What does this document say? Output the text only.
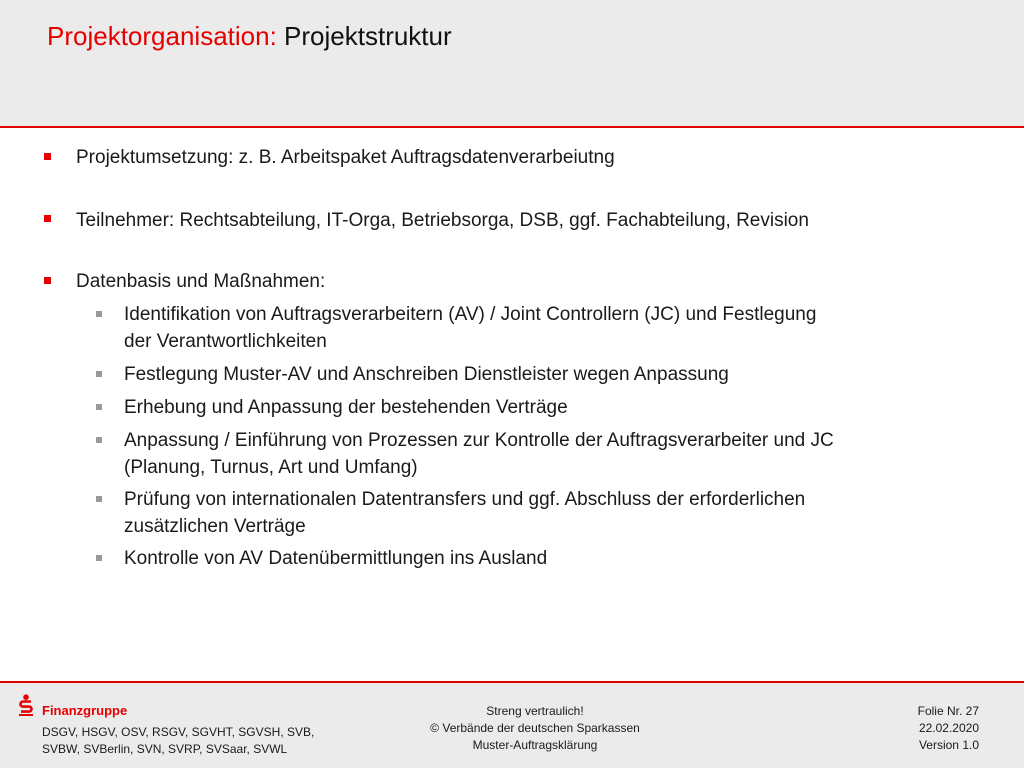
Projektorganisation: Projektstruktur
Projektumsetzung: z. B. Arbeitspaket Auftragsdatenverarbeiutng
Teilnehmer: Rechtsabteilung, IT-Orga, Betriebsorga, DSB, ggf. Fachabteilung, Revision
Datenbasis und Maßnahmen:
Identifikation von Auftragsverarbeitern (AV) / Joint Controllern (JC) und Festlegung
der Verantwortlichkeiten
Festlegung Muster-AV und Anschreiben Dienstleister wegen Anpassung
Erhebung und Anpassung der bestehenden Verträge
Anpassung / Einführung von Prozessen zur Kontrolle der Auftragsverarbeiter und JC
(Planung, Turnus, Art und Umfang)
Prüfung von internationalen Datentransfers und ggf. Abschluss der erforderlichen
zusätzlichen Verträge
Kontrolle von AV Datenübermittlungen ins Ausland
Finanzgruppe
DSGV, HSGV, OSV, RSGV, SGVHT, SGVSH, SVB,
SVBW, SVBerlin, SVN, SVRP, SVSaar, SVWL
Streng vertraulich!
© Verbände der deutschen Sparkassen
Muster-Auftragsklärung
Folie Nr. 27
22.02.2020
Version 1.0
